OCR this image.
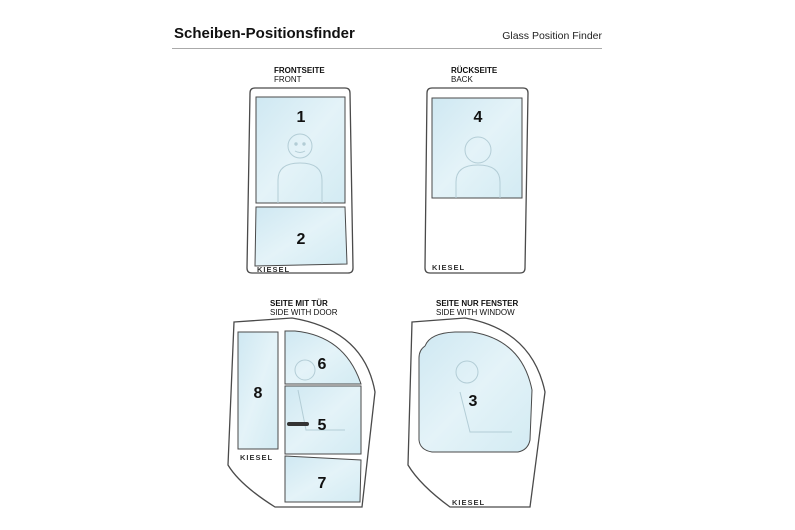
Scheiben-Positionsfinder	Glass Position Finder
FRONTSEITE
FRONT
RÜCKSEITE
BACK
SEITE MIT TÜR
SIDE WITH DOOR
SEITE NUR FENSTER
SIDE WITH WINDOW
1
2
KIESEL
4
KIESEL
8
6
5
7
KIESEL
3
KIESEL
